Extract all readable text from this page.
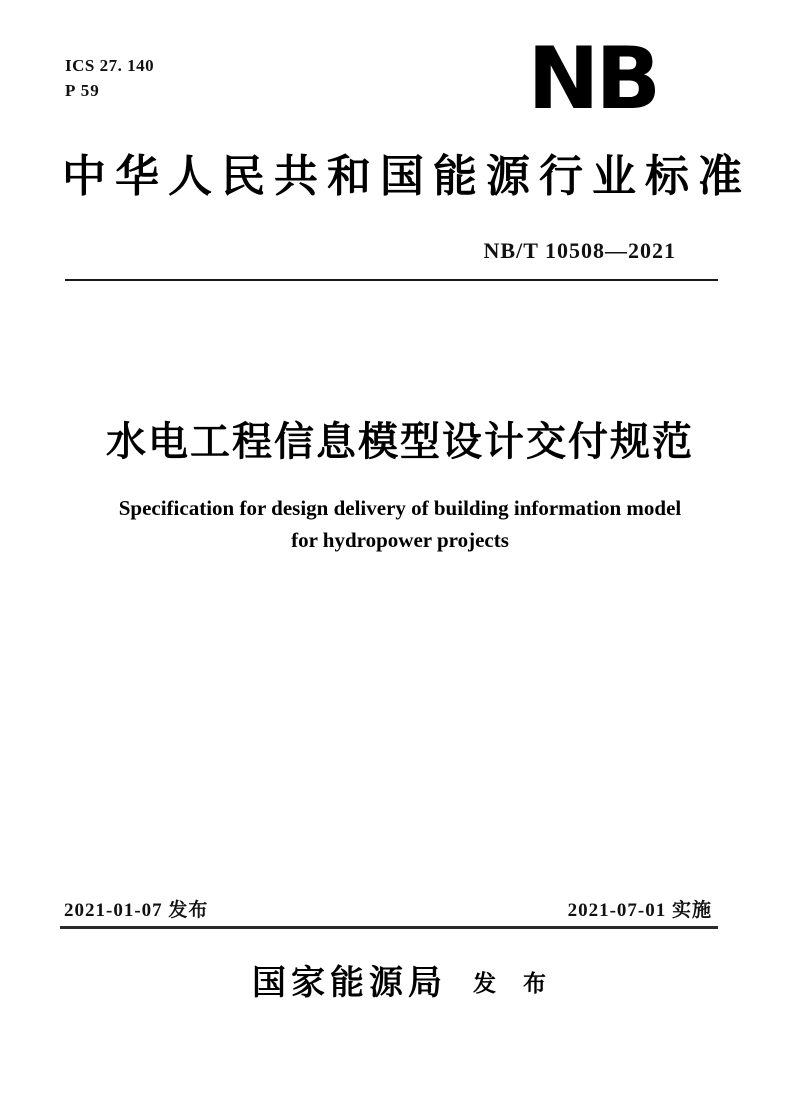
ICS 27. 140
P 59	NB
中华人民共和国能源行业标准
NB/T 10508—2021
水电工程信息模型设计交付规范
Specification for design delivery of building information model
for hydropower projects
2021-01-07 发布	2021-07-01 实施
国家能源局 发　布
